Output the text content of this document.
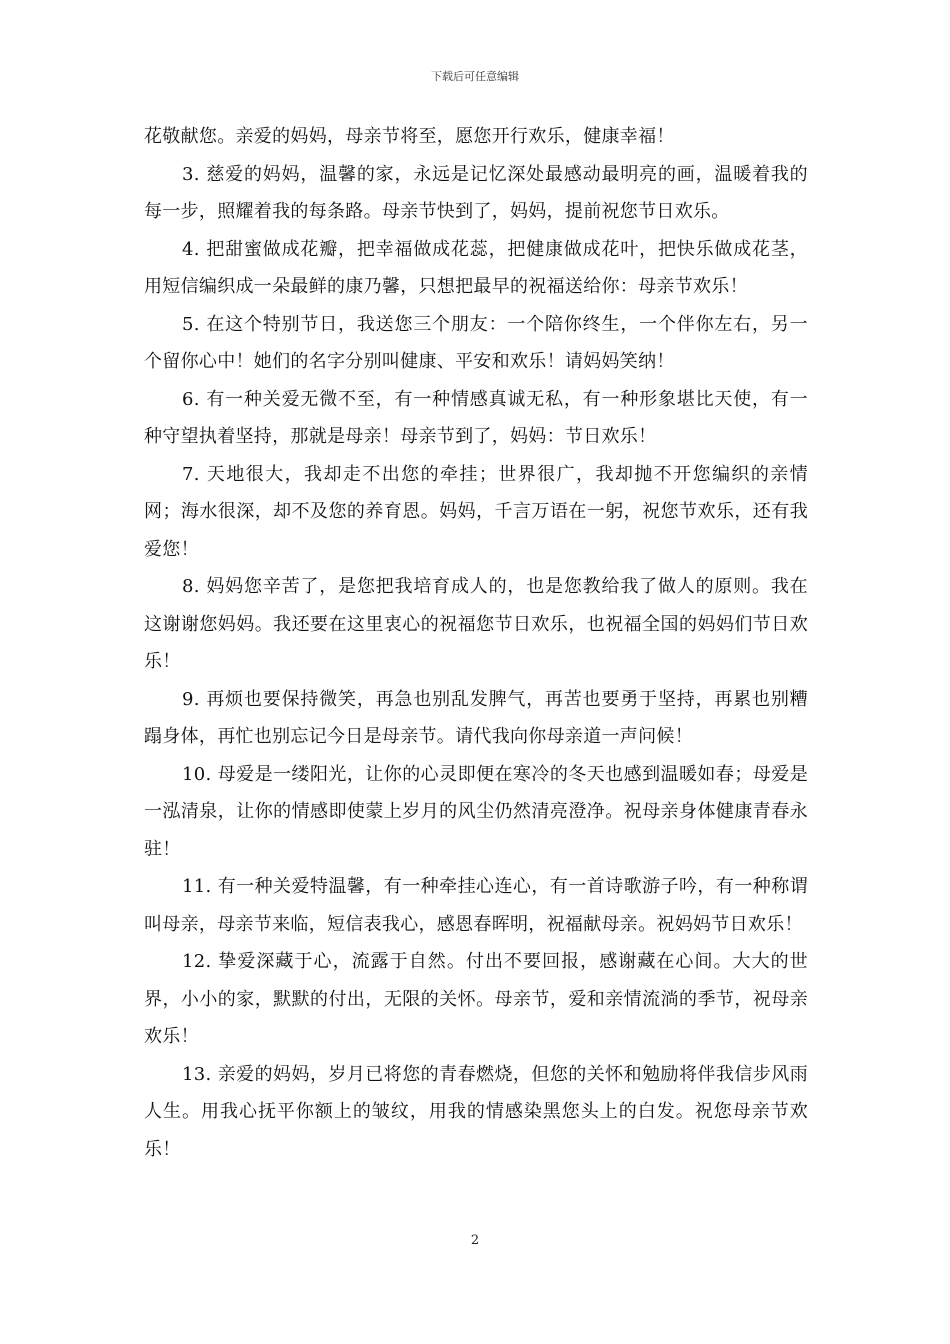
下载后可任意编辑

花敬献您。亲爱的妈妈，母亲节将至，愿您开行欢乐，健康幸福！

3. 慈爱的妈妈，温馨的家，永远是记忆深处最感动最明亮的画，温暖着我的每一步，照耀着我的每条路。母亲节快到了，妈妈，提前祝您节日欢乐。

4. 把甜蜜做成花瓣，把幸福做成花蕊，把健康做成花叶，把快乐做成花茎，用短信编织成一朵最鲜的康乃馨，只想把最早的祝福送给你：母亲节欢乐！

5. 在这个特别节日，我送您三个朋友：一个陪你终生，一个伴你左右，另一个留你心中！她们的名字分别叫健康、平安和欢乐！请妈妈笑纳！

6. 有一种关爱无微不至，有一种情感真诚无私，有一种形象堪比天使，有一种守望执着坚持，那就是母亲！母亲节到了，妈妈：节日欢乐！

7. 天地很大，我却走不出您的牵挂；世界很广，我却抛不开您编织的亲情网；海水很深，却不及您的养育恩。妈妈，千言万语在一躬，祝您节欢乐，还有我爱您！

8. 妈妈您辛苦了，是您把我培育成人的，也是您教给我了做人的原则。我在这谢谢您妈妈。我还要在这里衷心的祝福您节日欢乐，也祝福全国的妈妈们节日欢乐！

9. 再烦也要保持微笑，再急也别乱发脾气，再苦也要勇于坚持，再累也别糟蹋身体，再忙也别忘记今日是母亲节。请代我向你母亲道一声问候！

10. 母爱是一缕阳光，让你的心灵即便在寒冷的冬天也感到温暖如春；母爱是一泓清泉，让你的情感即使蒙上岁月的风尘仍然清亮澄净。祝母亲身体健康青春永驻！

11. 有一种关爱特温馨，有一种牵挂心连心，有一首诗歌游子吟，有一种称谓叫母亲，母亲节来临，短信表我心，感恩春晖明，祝福献母亲。祝妈妈节日欢乐！

12. 挚爱深藏于心，流露于自然。付出不要回报，感谢藏在心间。大大的世界，小小的家，默默的付出，无限的关怀。母亲节，爱和亲情流淌的季节，祝母亲欢乐！

13. 亲爱的妈妈，岁月已将您的青春燃烧，但您的关怀和勉励将伴我信步风雨人生。用我心抚平你额上的皱纹，用我的情感染黑您头上的白发。祝您母亲节欢乐！

2
